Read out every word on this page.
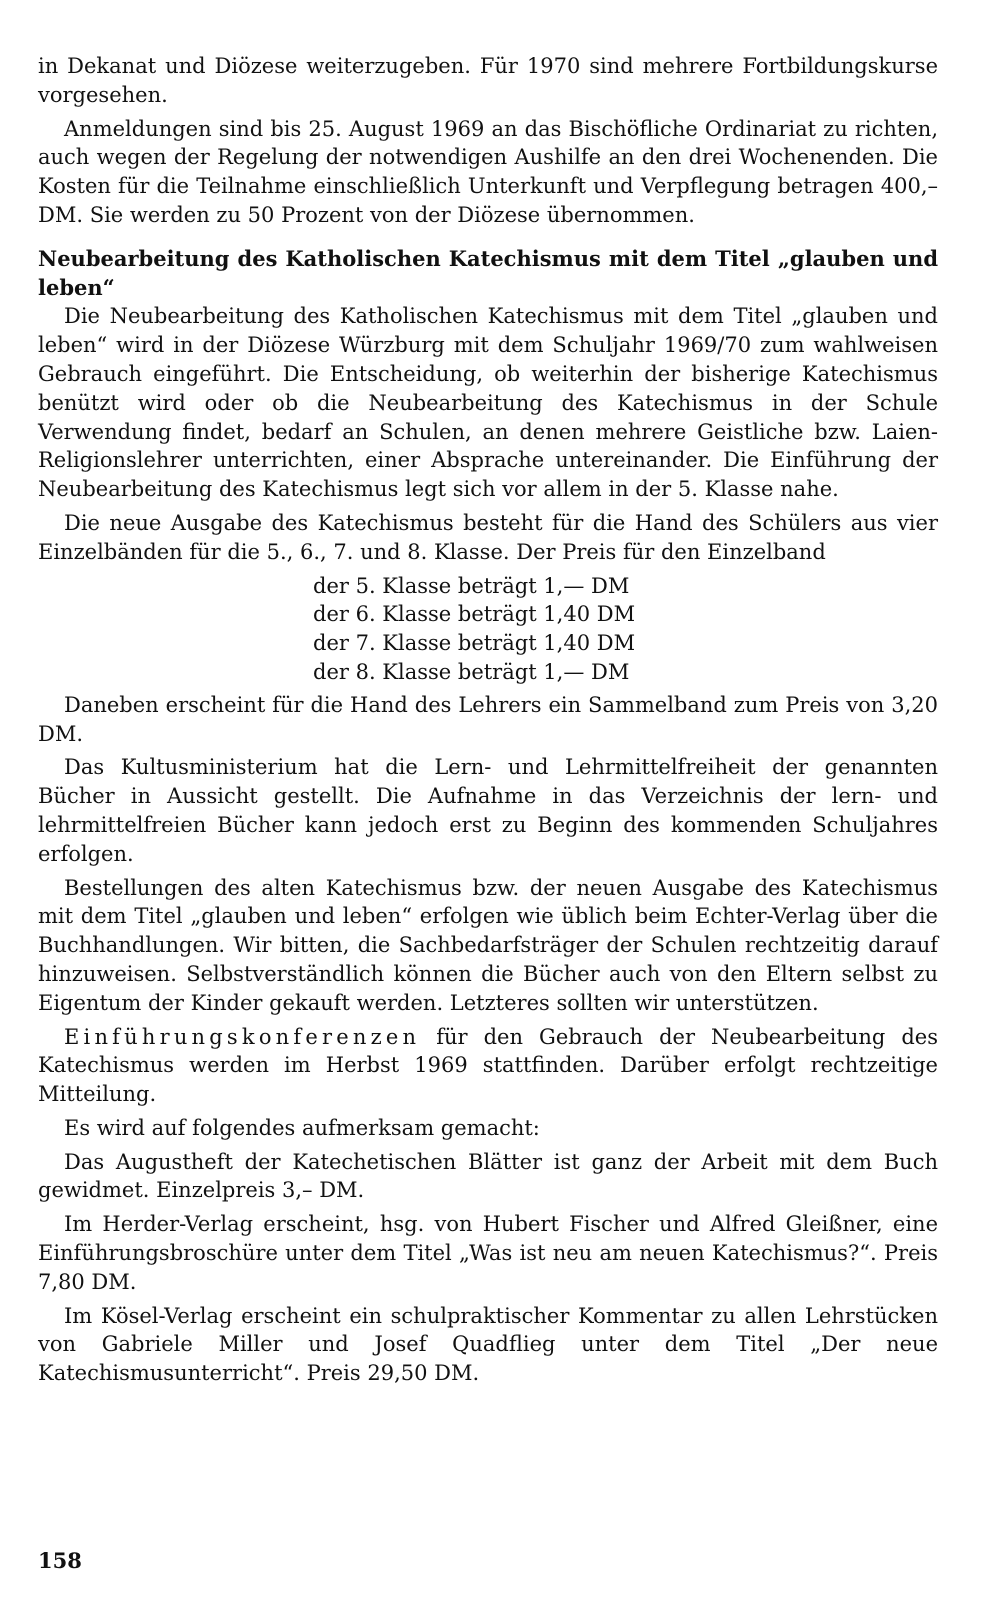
in Dekanat und Diözese weiterzugeben. Für 1970 sind mehrere Fortbildungskurse vorgesehen.

Anmeldungen sind bis 25. August 1969 an das Bischöfliche Ordinariat zu richten, auch wegen der Regelung der notwendigen Aushilfe an den drei Wochenenden. Die Kosten für die Teilnahme einschließlich Unterkunft und Verpflegung betragen 400,– DM. Sie werden zu 50 Prozent von der Diözese übernommen.

Neubearbeitung des Katholischen Katechismus mit dem Titel „glauben und leben“

Die Neubearbeitung des Katholischen Katechismus mit dem Titel „glauben und leben“ wird in der Diözese Würzburg mit dem Schuljahr 1969/70 zum wahlweisen Gebrauch eingeführt. Die Entscheidung, ob weiterhin der bisherige Katechismus benützt wird oder ob die Neubearbeitung des Katechismus in der Schule Verwendung findet, bedarf an Schulen, an denen mehrere Geistliche bzw. Laien-Religionslehrer unterrichten, einer Absprache untereinander. Die Einführung der Neubearbeitung des Katechismus legt sich vor allem in der 5. Klasse nahe.

Die neue Ausgabe des Katechismus besteht für die Hand des Schülers aus vier Einzelbänden für die 5., 6., 7. und 8. Klasse. Der Preis für den Einzelband

der 5. Klasse beträgt 1,— DM
der 6. Klasse beträgt 1,40 DM
der 7. Klasse beträgt 1,40 DM
der 8. Klasse beträgt 1,— DM

Daneben erscheint für die Hand des Lehrers ein Sammelband zum Preis von 3,20 DM.

Das Kultusministerium hat die Lern- und Lehrmittelfreiheit der genannten Bücher in Aussicht gestellt. Die Aufnahme in das Verzeichnis der lern- und lehrmittelfreien Bücher kann jedoch erst zu Beginn des kommenden Schuljahres erfolgen.

Bestellungen des alten Katechismus bzw. der neuen Ausgabe des Katechismus mit dem Titel „glauben und leben“ erfolgen wie üblich beim Echter-Verlag über die Buchhandlungen. Wir bitten, die Sachbedarfsträger der Schulen rechtzeitig darauf hinzuweisen. Selbstverständlich können die Bücher auch von den Eltern selbst zu Eigentum der Kinder gekauft werden. Letzteres sollten wir unterstützen.

Einführungskonferenzen für den Gebrauch der Neubearbeitung des Katechismus werden im Herbst 1969 stattfinden. Darüber erfolgt rechtzeitige Mitteilung.

Es wird auf folgendes aufmerksam gemacht:

Das Augustheft der Katechetischen Blätter ist ganz der Arbeit mit dem Buch gewidmet. Einzelpreis 3,– DM.

Im Herder-Verlag erscheint, hsg. von Hubert Fischer und Alfred Gleißner, eine Einführungsbroschüre unter dem Titel „Was ist neu am neuen Katechismus?“. Preis 7,80 DM.

Im Kösel-Verlag erscheint ein schulpraktischer Kommentar zu allen Lehrstücken von Gabriele Miller und Josef Quadflieg unter dem Titel „Der neue Katechismusunterricht“. Preis 29,50 DM.

158
